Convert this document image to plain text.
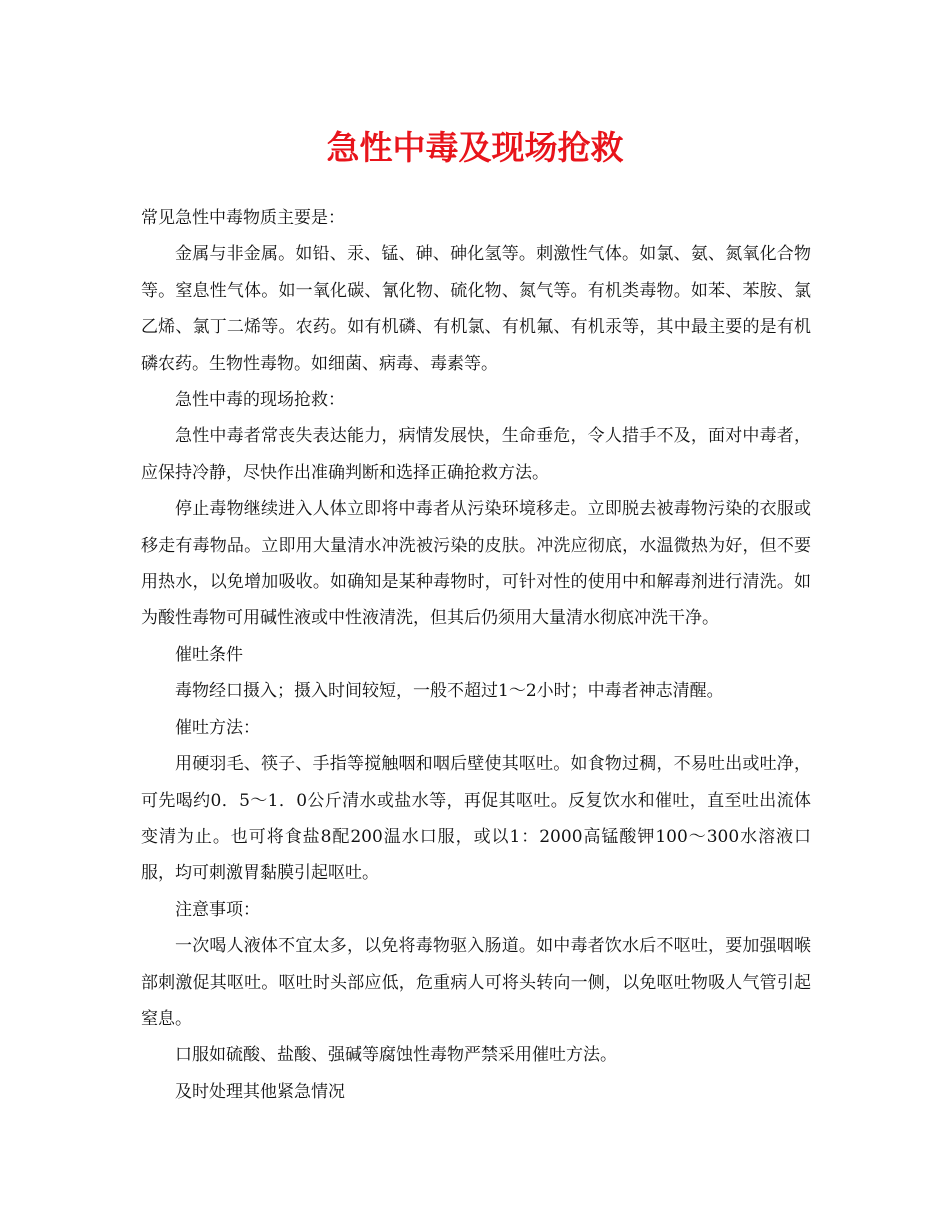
急性中毒及现场抢救

常见急性中毒物质主要是：

金属与非金属。如铅、汞、锰、砷、砷化氢等。刺激性气体。如氯、氨、氮氧化合物等。窒息性气体。如一氧化碳、氰化物、硫化物、氮气等。有机类毒物。如苯、苯胺、氯乙烯、氯丁二烯等。农药。如有机磷、有机氯、有机氟、有机汞等，其中最主要的是有机磷农药。生物性毒物。如细菌、病毒、毒素等。

急性中毒的现场抢救：

急性中毒者常丧失表达能力，病情发展快，生命垂危，令人措手不及，面对中毒者，应保持冷静，尽快作出准确判断和选择正确抢救方法。

停止毒物继续进入人体立即将中毒者从污染环境移走。立即脱去被毒物污染的衣服或移走有毒物品。立即用大量清水冲洗被污染的皮肤。冲洗应彻底，水温微热为好，但不要用热水，以免增加吸收。如确知是某种毒物时，可针对性的使用中和解毒剂进行清洗。如为酸性毒物可用碱性液或中性液清洗，但其后仍须用大量清水彻底冲洗干净。

催吐条件

毒物经口摄入；摄入时间较短，一般不超过1～2小时；中毒者神志清醒。

催吐方法：

用硬羽毛、筷子、手指等搅触咽和咽后壁使其呕吐。如食物过稠，不易吐出或吐净，可先喝约0．5～1．0公斤清水或盐水等，再促其呕吐。反复饮水和催吐，直至吐出流体变清为止。也可将食盐8配200温水口服，或以1：2000高锰酸钾100～300水溶液口服，均可刺激胃黏膜引起呕吐。

注意事项：

一次喝人液体不宜太多，以免将毒物驱入肠道。如中毒者饮水后不呕吐，要加强咽喉部刺激促其呕吐。呕吐时头部应低，危重病人可将头转向一侧，以免呕吐物吸人气管引起窒息。

口服如硫酸、盐酸、强碱等腐蚀性毒物严禁采用催吐方法。

及时处理其他紧急情况
